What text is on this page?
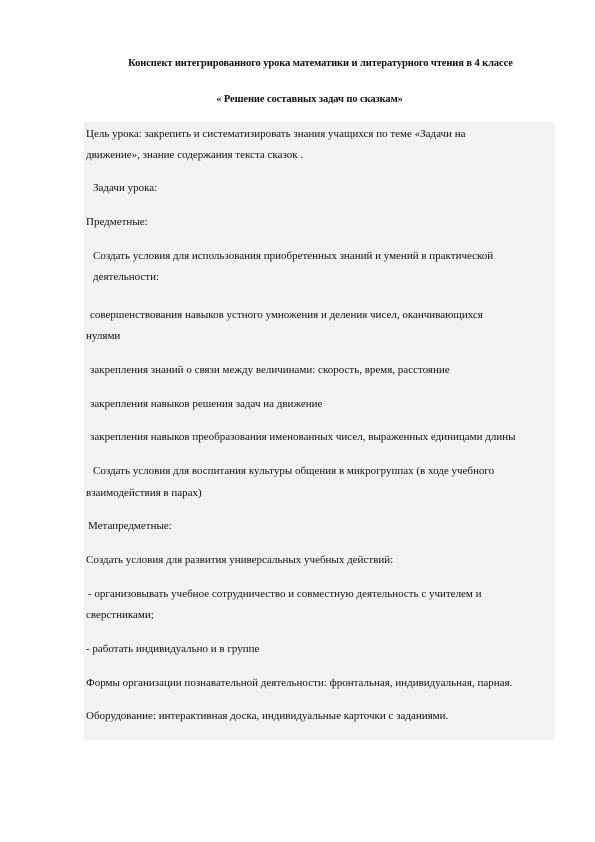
Конспект интегрированного урока математики и литературного чтения в 4 классе
« Решение составных задач по сказкам»
Цель урока: закрепить и систематизировать знания учащихся по теме «Задачи на
движение», знание содержания текста сказок .
Задачи урока:
Предметные:
Создать условия для использования приобретенных знаний и умений в практической
деятельности:
совершенствования навыков устного умножения и деления чисел, оканчивающихся
нулями
закрепления знаний о связи между величинами: скорость, время, расстояние
закрепления навыков решения задач на движение
закрепления навыков преобразования именованных чисел, выраженных единицами длины
Создать условия для воспитания культуры общения в микрогруппах (в ходе учебного
взаимодействия в парах)
Метапредметные:
Создать условия для развития универсальных учебных действий:
- организовывать учебное сотрудничество и совместную деятельность с учителем и
сверстниками;
- работать индивидуально и в группе
Формы организации познавательной деятельности: фронтальная, индивидуальная, парная.
Оборудование: интерактивная доска, индивидуальные карточки с заданиями.
